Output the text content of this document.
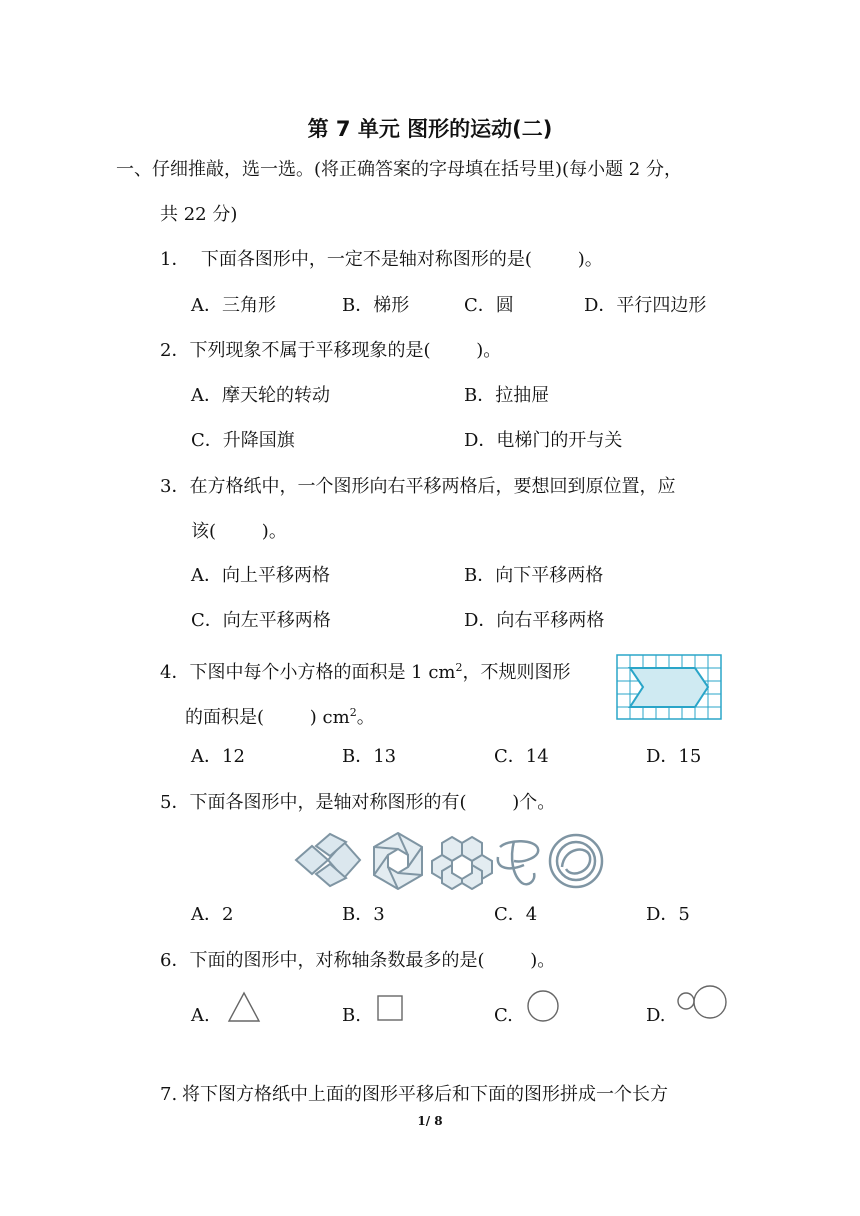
第 7 单元 图形的运动(二)
一、仔细推敲，选一选。(将正确答案的字母填在括号里)(每小题 2 分，
共 22 分)
1．  下面各图形中，一定不是轴对称图形的是(        )。
A．三角形	B．梯形	C．圆	D．平行四边形
2．下列现象不属于平移现象的是(        )。
A．摩天轮的转动	B．拉抽屉
C．升降国旗	D．电梯门的开与关
3．在方格纸中，一个图形向右平移两格后，要想回到原位置，应
该(        )。
A．向上平移两格	B．向下平移两格
C．向左平移两格	D．向右平移两格
4．下图中每个小方格的面积是 1 $cm^2$，不规则图形
的面积是(        ) $cm^2$。
A．12	B．13	C．14	D．15
5．下面各图形中，是轴对称图形的有(        )个。
A．2	B．3	C．4	D．5
6．下面的图形中，对称轴条数最多的是(        )。
A.	B.	C.	D.
7. 将下图方格纸中上面的图形平移后和下面的图形拼成一个长方
1/ 8
